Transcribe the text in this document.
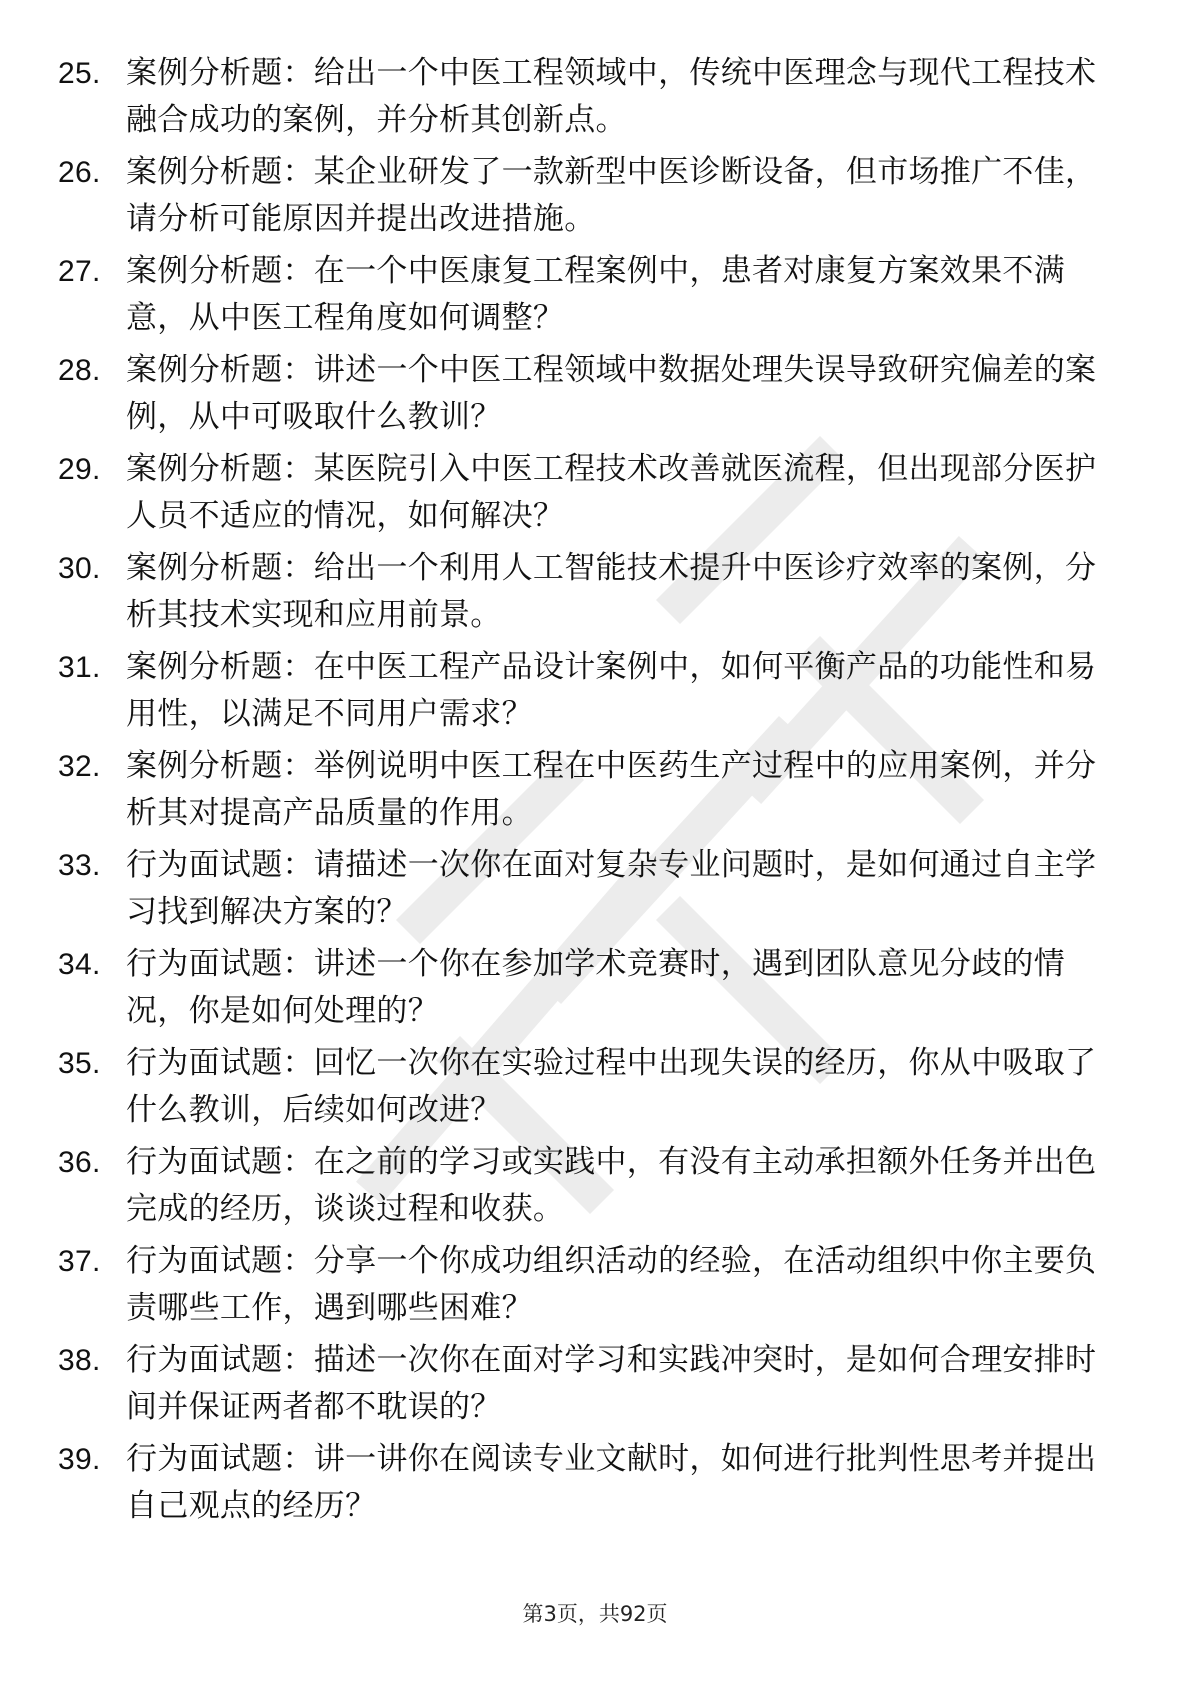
25. 案例分析题：给出一个中医工程领域中，传统中医理念与现代工程技术融合成功的案例，并分析其创新点。
26. 案例分析题：某企业研发了一款新型中医诊断设备，但市场推广不佳，请分析可能原因并提出改进措施。
27. 案例分析题：在一个中医康复工程案例中，患者对康复方案效果不满意，从中医工程角度如何调整？
28. 案例分析题：讲述一个中医工程领域中数据处理失误导致研究偏差的案例，从中可吸取什么教训？
29. 案例分析题：某医院引入中医工程技术改善就医流程，但出现部分医护人员不适应的情况，如何解决？
30. 案例分析题：给出一个利用人工智能技术提升中医诊疗效率的案例，分析其技术实现和应用前景。
31. 案例分析题：在中医工程产品设计案例中，如何平衡产品的功能性和易用性，以满足不同用户需求？
32. 案例分析题：举例说明中医工程在中医药生产过程中的应用案例，并分析其对提高产品质量的作用。
33. 行为面试题：请描述一次你在面对复杂专业问题时，是如何通过自主学习找到解决方案的？
34. 行为面试题：讲述一个你在参加学术竞赛时，遇到团队意见分歧的情况，你是如何处理的？
35. 行为面试题：回忆一次你在实验过程中出现失误的经历，你从中吸取了什么教训，后续如何改进？
36. 行为面试题：在之前的学习或实践中，有没有主动承担额外任务并出色完成的经历，谈谈过程和收获。
37. 行为面试题：分享一个你成功组织活动的经验，在活动组织中你主要负责哪些工作，遇到哪些困难？
38. 行为面试题：描述一次你在面对学习和实践冲突时，是如何合理安排时间并保证两者都不耽误的？
39. 行为面试题：讲一讲你在阅读专业文献时，如何进行批判性思考并提出自己观点的经历？
第3页，共92页
